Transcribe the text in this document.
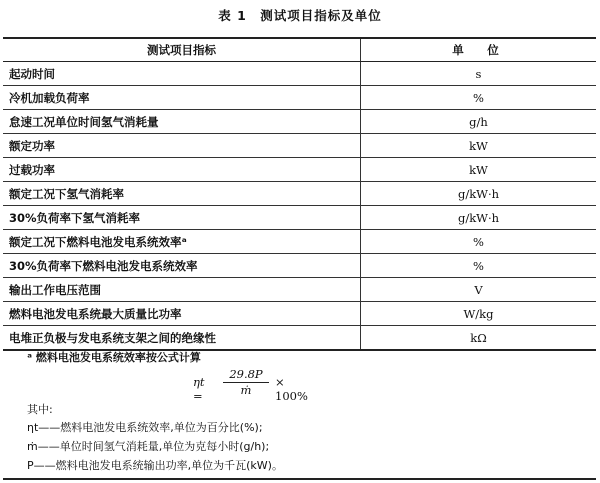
表 1　测试项目指标及单位
测试项目指标	单　位
起动时间	s
冷机加载负荷率	%
怠速工况单位时间氢气消耗量	g/h
额定功率	kW
过载功率	kW
额定工况下氢气消耗率	g/kW·h
30%负荷率下氢气消耗率	g/kW·h
额定工况下燃料电池发电系统效率ᵃ	%
30%负荷率下燃料电池发电系统效率	%
输出工作电压范围	V
燃料电池发电系统最大质量比功率	W/kg
电堆正负极与发电系统支架之间的绝缘性	kΩ
ᵃ 燃料电池发电系统效率按公式计算
$\eta t = \frac{29.8P}{\text{ṁ}} \times 100\%$
其中:
ηt——燃料电池发电系统效率,单位为百分比(%);
ṁ——单位时间氢气消耗量,单位为克每小时(g/h);
P——燃料电池发电系统输出功率,单位为千瓦(kW)。
